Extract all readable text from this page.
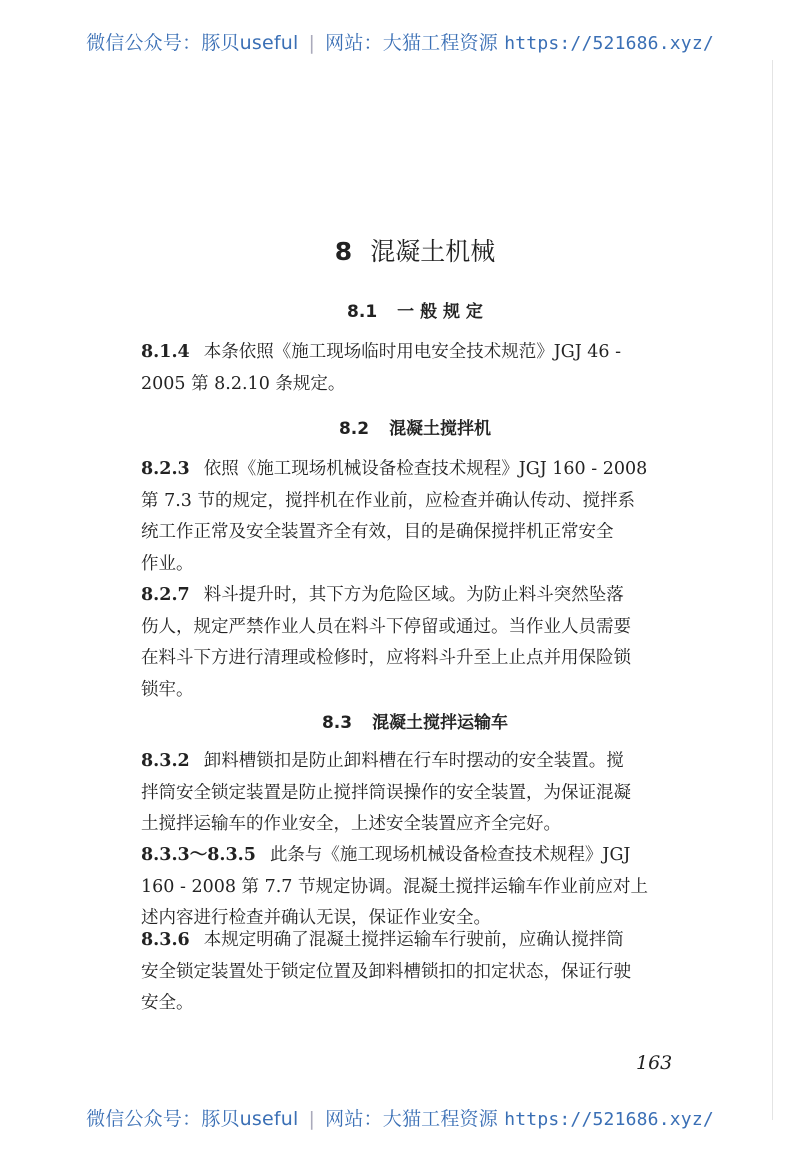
微信公众号：豚贝useful | 网站：大猫工程资源 https://521686.xyz/
8 混凝土机械
8.1 一 般 规 定
8.2 混凝土搅拌机
8.3 混凝土搅拌运输车
8.1.4 本条依照《施工现场临时用电安全技术规范》JGJ 46 -
2005 第 8.2.10 条规定。
8.2.3 依照《施工现场机械设备检查技术规程》JGJ 160 - 2008
第 7.3 节的规定，搅拌机在作业前，应检查并确认传动、搅拌系
统工作正常及安全装置齐全有效，目的是确保搅拌机正常安全
作业。
8.2.7 料斗提升时，其下方为危险区域。为防止料斗突然坠落
伤人，规定严禁作业人员在料斗下停留或通过。当作业人员需要
在料斗下方进行清理或检修时，应将料斗升至上止点并用保险锁
锁牢。
8.3.2 卸料槽锁扣是防止卸料槽在行车时摆动的安全装置。搅
拌筒安全锁定装置是防止搅拌筒误操作的安全装置，为保证混凝
土搅拌运输车的作业安全，上述安全装置应齐全完好。
8.3.3～8.3.5 此条与《施工现场机械设备检查技术规程》JGJ
160 - 2008 第 7.7 节规定协调。混凝土搅拌运输车作业前应对上
述内容进行检查并确认无误，保证作业安全。
8.3.6 本规定明确了混凝土搅拌运输车行驶前，应确认搅拌筒
安全锁定装置处于锁定位置及卸料槽锁扣的扣定状态，保证行驶
安全。
163
微信公众号：豚贝useful | 网站：大猫工程资源 https://521686.xyz/
